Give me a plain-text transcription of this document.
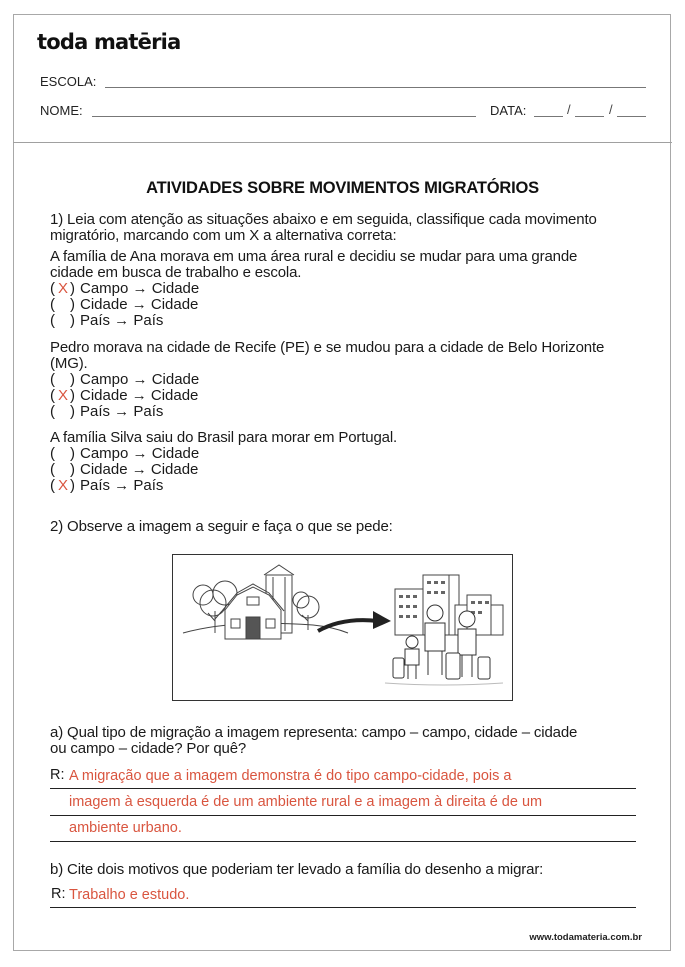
toda matēria
ESCOLA:
NOME:	DATA:	/	/
ATIVIDADES SOBRE MOVIMENTOS MIGRATÓRIOS
1) Leia com atenção as situações abaixo e em seguida, classifique cada movimento
migratório, marcando com um X a alternativa correta:
A família de Ana morava em uma área rural e decidiu se mudar para uma grande
cidade em busca de trabalho e escola.
( X ) Campo → Cidade
( ) Cidade → Cidade
( ) País → País
Pedro morava na cidade de Recife (PE) e se mudou para a cidade de Belo Horizonte
(MG).
( ) Campo → Cidade
( X ) Cidade → Cidade
( ) País → País
A família Silva saiu do Brasil para morar em Portugal.
( ) Campo → Cidade
( ) Cidade → Cidade
( X ) País → País
2) Observe a imagem a seguir e faça o que se pede:
a) Qual tipo de migração a imagem representa: campo – campo, cidade – cidade
ou campo – cidade? Por quê?
R: A migração que a imagem demonstra é do tipo campo-cidade, pois a
imagem à esquerda é de um ambiente rural e a imagem à direita é de um
ambiente urbano.
b) Cite dois motivos que poderiam ter levado a família do desenho a migrar:
R: Trabalho e estudo.
www.todamateria.com.br
